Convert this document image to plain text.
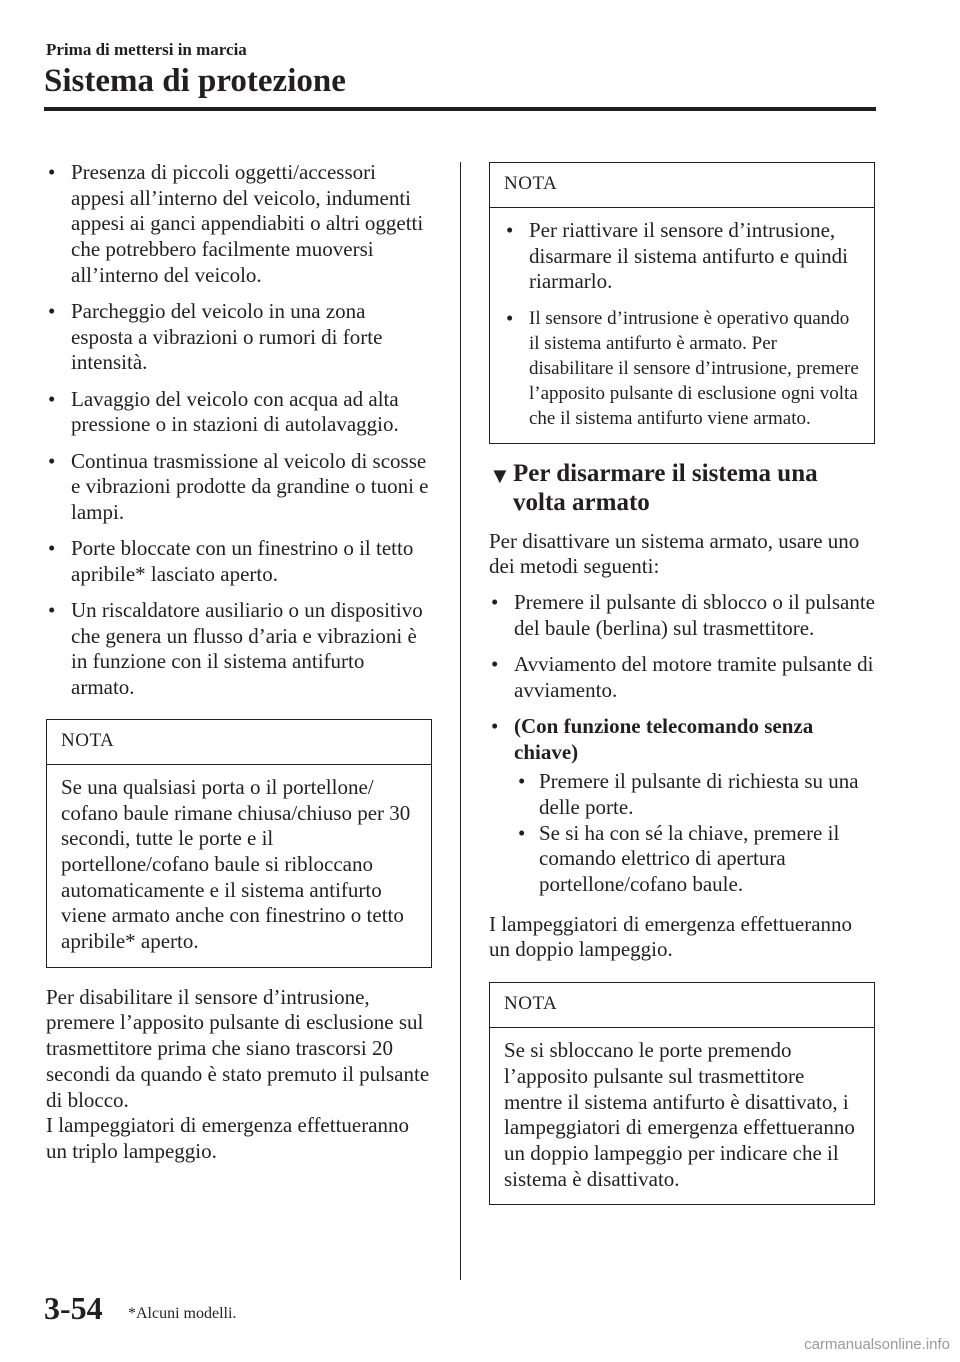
Prima di mettersi in marcia
Sistema di protezione
• Presenza di piccoli oggetti/accessori appesi all’interno del veicolo, indumenti appesi ai ganci appendiabiti o altri oggetti che potrebbero facilmente muoversi all’interno del veicolo.
• Parcheggio del veicolo in una zona esposta a vibrazioni o rumori di forte intensità.
• Lavaggio del veicolo con acqua ad alta pressione o in stazioni di autolavaggio.
• Continua trasmissione al veicolo di scosse e vibrazioni prodotte da grandine o tuoni e lampi.
• Porte bloccate con un finestrino o il tetto apribile* lasciato aperto.
• Un riscaldatore ausiliario o un dispositivo che genera un flusso d’aria e vibrazioni è in funzione con il sistema antifurto armato.
NOTA

Se una qualsiasi porta o il portellone/ cofano baule rimane chiusa/chiuso per 30 secondi, tutte le porte e il portellone/cofano baule si ribloccano automaticamente e il sistema antifurto viene armato anche con finestrino o tetto apribile* aperto.

Per disabilitare il sensore d’intrusione, premere l’apposito pulsante di esclusione sul trasmettitore prima che siano trascorsi 20 secondi da quando è stato premuto il pulsante di blocco.

I lampeggiatori di emergenza effettueranno un triplo lampeggio.

NOTA
• Per riattivare il sensore d’intrusione, disarmare il sistema antifurto e quindi riarmarlo.
• Il sensore d’intrusione è operativo quando il sistema antifurto è armato. Per disabilitare il sensore d’intrusione, premere l’apposito pulsante di esclusione ogni volta che il sistema antifurto viene armato.
▼ Per disarmare il sistema una volta armato

Per disattivare un sistema armato, usare uno dei metodi seguenti:

• Premere il pulsante di sblocco o il pulsante del baule (berlina) sul trasmettitore.
• Avviamento del motore tramite pulsante di avviamento.
• (Con funzione telecomando senza chiave)
• Premere il pulsante di richiesta su una delle porte.
• Se si ha con sé la chiave, premere il comando elettrico di apertura portellone/cofano baule.

I lampeggiatori di emergenza effettueranno un doppio lampeggio.

NOTA

Se si sbloccano le porte premendo l’apposito pulsante sul trasmettitore mentre il sistema antifurto è disattivato, i lampeggiatori di emergenza effettueranno un doppio lampeggio per indicare che il sistema è disattivato.

3-54 *Alcuni modelli.
carmanualsonline.info
